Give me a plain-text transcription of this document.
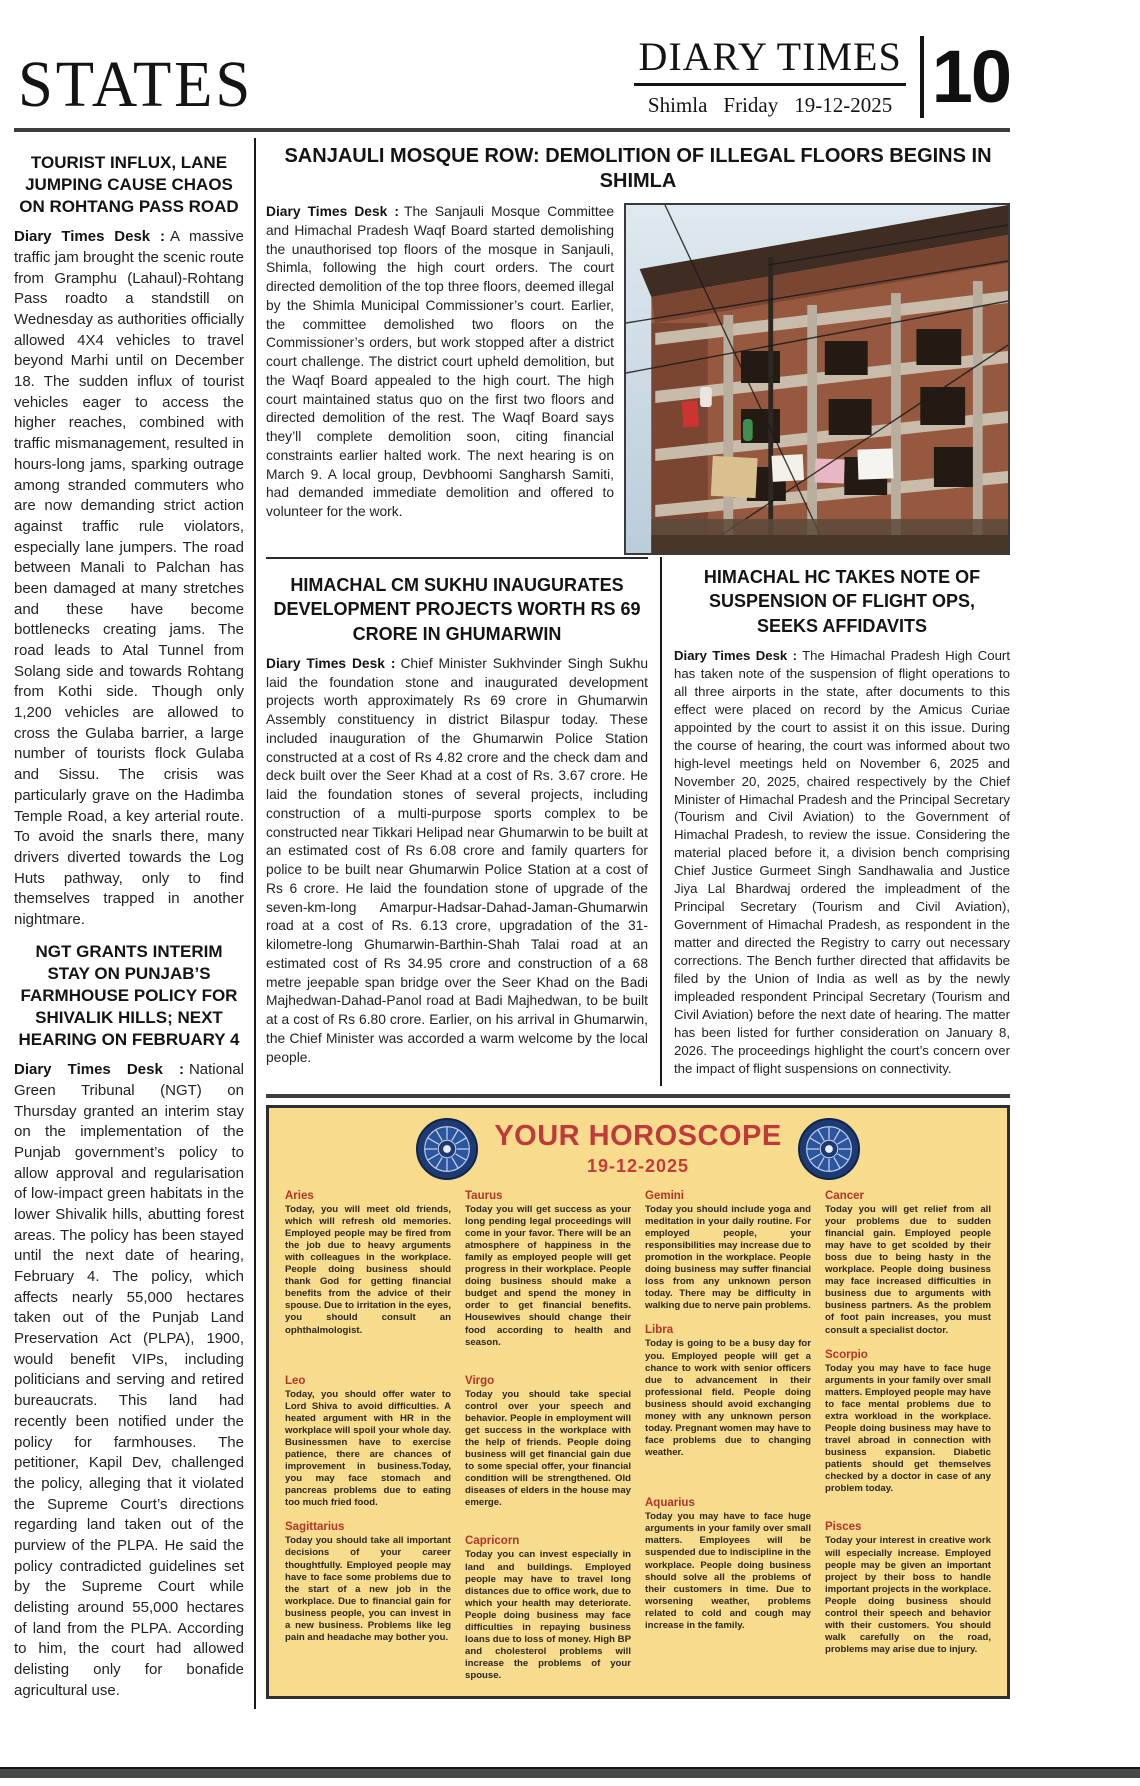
STATES	DIARY TIMES
Shimla Friday 19-12-2025 10
TOURIST INFLUX, LANE JUMPING CAUSE CHAOS ON ROHTANG PASS ROAD

Diary Times Desk : A massive traffic jam brought the scenic route from Gramphu (Lahaul)-Rohtang Pass roadto a standstill on Wednesday as authorities officially allowed 4X4 vehicles to travel beyond Marhi until on December 18. The sudden influx of tourist vehicles eager to access the higher reaches, combined with traffic mismanagement, resulted in hours-long jams, sparking outrage among stranded commuters who are now demanding strict action against traffic rule violators, especially lane jumpers. The road between Manali to Palchan has been damaged at many stretches and these have become bottlenecks creating jams. The road leads to Atal Tunnel from Solang side and towards Rohtang from Kothi side. Though only 1,200 vehicles are allowed to cross the Gulaba barrier, a large number of tourists flock Gulaba and Sissu. The crisis was particularly grave on the Hadimba Temple Road, a key arterial route. To avoid the snarls there, many drivers diverted towards the Log Huts pathway, only to find themselves trapped in another nightmare.

NGT GRANTS INTERIM STAY ON PUNJAB’S FARMHOUSE POLICY FOR SHIVALIK HILLS; NEXT HEARING ON FEBRUARY 4

Diary Times Desk : National Green Tribunal (NGT) on Thursday granted an interim stay on the implementation of the Punjab government’s policy to allow approval and regularisation of low-impact green habitats in the lower Shivalik hills, abutting forest areas. The policy has been stayed until the next date of hearing, February 4. The policy, which affects nearly 55,000 hectares taken out of the Punjab Land Preservation Act (PLPA), 1900, would benefit VIPs, including politicians and serving and retired bureaucrats. This land had recently been notified under the policy for farmhouses. The petitioner, Kapil Dev, challenged the policy, alleging that it violated the Supreme Court’s directions regarding land taken out of the purview of the PLPA. He said the policy contradicted guidelines set by the Supreme Court while delisting around 55,000 hectares of land from the PLPA. According to him, the court had allowed delisting only for bonafide agricultural use.

SANJAULI MOSQUE ROW: DEMOLITION OF ILLEGAL FLOORS BEGINS IN SHIMLA

Diary Times Desk : The Sanjauli Mosque Committee and Himachal Pradesh Waqf Board started demolishing the unauthorised top floors of the mosque in Sanjauli, Shimla, following the high court orders. The court directed demolition of the top three floors, deemed illegal by the Shimla Municipal Commissioner’s court. Earlier, the committee demolished two floors on the Commissioner’s orders, but work stopped after a district court challenge. The district court upheld demolition, but the Waqf Board appealed to the high court. The high court maintained status quo on the first two floors and directed demolition of the rest. The Waqf Board says they’ll complete demolition soon, citing financial constraints earlier halted work. The next hearing is on March 9. A local group, Devbhoomi Sangharsh Samiti, had demanded immediate demolition and offered to volunteer for the work.

HIMACHAL CM SUKHU INAUGURATES DEVELOPMENT PROJECTS WORTH RS 69 CRORE IN GHUMARWIN

Diary Times Desk : Chief Minister Sukhvinder Singh Sukhu laid the foundation stone and inaugurated development projects worth approximately Rs 69 crore in Ghumarwin Assembly constituency in district Bilaspur today. These included inauguration of the Ghumarwin Police Station constructed at a cost of Rs 4.82 crore and the check dam and deck built over the Seer Khad at a cost of Rs. 3.67 crore. He laid the foundation stones of several projects, including construction of a multi-purpose sports complex to be constructed near Tikkari Helipad near Ghumarwin to be built at an estimated cost of Rs 6.08 crore and family quarters for police to be built near Ghumarwin Police Station at a cost of Rs 6 crore. He laid the foundation stone of upgrade of the seven-km-long Amarpur-Hadsar-Dahad-Jaman-Ghumarwin road at a cost of Rs. 6.13 crore, upgradation of the 31-kilometre-long Ghumarwin-Barthin-Shah Talai road at an estimated cost of Rs 34.95 crore and construction of a 68 metre jeepable span bridge over the Seer Khad on the Badi Majhedwan-Dahad-Panol road at Badi Majhedwan, to be built at a cost of Rs 6.80 crore. Earlier, on his arrival in Ghumarwin, the Chief Minister was accorded a warm welcome by the local people.

HIMACHAL HC TAKES NOTE OF SUSPENSION OF FLIGHT OPS, SEEKS AFFIDAVITS

Diary Times Desk : The Himachal Pradesh High Court has taken note of the suspension of flight operations to all three airports in the state, after documents to this effect were placed on record by the Amicus Curiae appointed by the court to assist it on this issue. During the course of hearing, the court was informed about two high-level meetings held on November 6, 2025 and November 20, 2025, chaired respectively by the Chief Minister of Himachal Pradesh and the Principal Secretary (Tourism and Civil Aviation) to the Government of Himachal Pradesh, to review the issue. Considering the material placed before it, a division bench comprising Chief Justice Gurmeet Singh Sandhawalia and Justice Jiya Lal Bhardwaj ordered the impleadment of the Principal Secretary (Tourism and Civil Aviation), Government of Himachal Pradesh, as respondent in the matter and directed the Registry to carry out necessary corrections. The Bench further directed that affidavits be filed by the Union of India as well as by the newly impleaded respondent Principal Secretary (Tourism and Civil Aviation) before the next date of hearing. The matter has been listed for further consideration on January 8, 2026. The proceedings highlight the court’s concern over the impact of flight suspensions on connectivity.

YOUR HOROSCOPE
19-12-2025
Aries
Today, you will meet old friends, which will refresh old memories. Employed people may be fired from the job due to heavy arguments with colleagues in the workplace. People doing business should thank God for getting financial benefits from the advice of their spouse. Due to irritation in the eyes, you should consult an ophthalmologist.
Leo
Today, you should offer water to Lord Shiva to avoid difficulties. A heated argument with HR in the workplace will spoil your whole day. Businessmen have to exercise patience, there are chances of improvement in business.Today, you may face stomach and pancreas problems due to eating too much fried food.
Sagittarius
Today you should take all important decisions of your career thoughtfully. Employed people may have to face some problems due to the start of a new job in the workplace. Due to financial gain for business people, you can invest in a new business. Problems like leg pain and headache may bother you.
Taurus
Today you will get success as your long pending legal proceedings will come in your favor. There will be an atmosphere of happiness in the family as employed people will get progress in their workplace. People doing business should make a budget and spend the money in order to get financial benefits. Housewives should change their food according to health and season.
Virgo
Today you should take special control over your speech and behavior. People in employment will get success in the workplace with the help of friends. People doing business will get financial gain due to some special offer, your financial condition will be strengthened. Old diseases of elders in the house may emerge.
Capricorn
Today you can invest especially in land and buildings. Employed people may have to travel long distances due to office work, due to which your health may deteriorate. People doing business may face difficulties in repaying business loans due to loss of money. High BP and cholesterol problems will increase the problems of your spouse.
Gemini
Today you should include yoga and meditation in your daily routine. For employed people, your responsibilities may increase due to promotion in the workplace. People doing business may suffer financial loss from any unknown person today. There may be difficulty in walking due to nerve pain problems.
Libra
Today is going to be a busy day for you. Employed people will get a chance to work with senior officers due to advancement in their professional field. People doing business should avoid exchanging money with any unknown person today. Pregnant women may have to face problems due to changing weather.
Aquarius
Today you may have to face huge arguments in your family over small matters. Employees will be suspended due to indiscipline in the workplace. People doing business should solve all the problems of their customers in time. Due to worsening weather, problems related to cold and cough may increase in the family.
Cancer
Today you will get relief from all your problems due to sudden financial gain. Employed people may have to get scolded by their boss due to being hasty in the workplace. People doing business may face increased difficulties in business due to arguments with business partners. As the problem of foot pain increases, you must consult a specialist doctor.
Scorpio
Today you may have to face huge arguments in your family over small matters. Employed people may have to face mental problems due to extra workload in the workplace. People doing business may have to travel abroad in connection with business expansion. Diabetic patients should get themselves checked by a doctor in case of any problem today.
Pisces
Today your interest in creative work will especially increase. Employed people may be given an important project by their boss to handle important projects in the workplace. People doing business should control their speech and behavior with their customers. You should walk carefully on the road, problems may arise due to injury.
